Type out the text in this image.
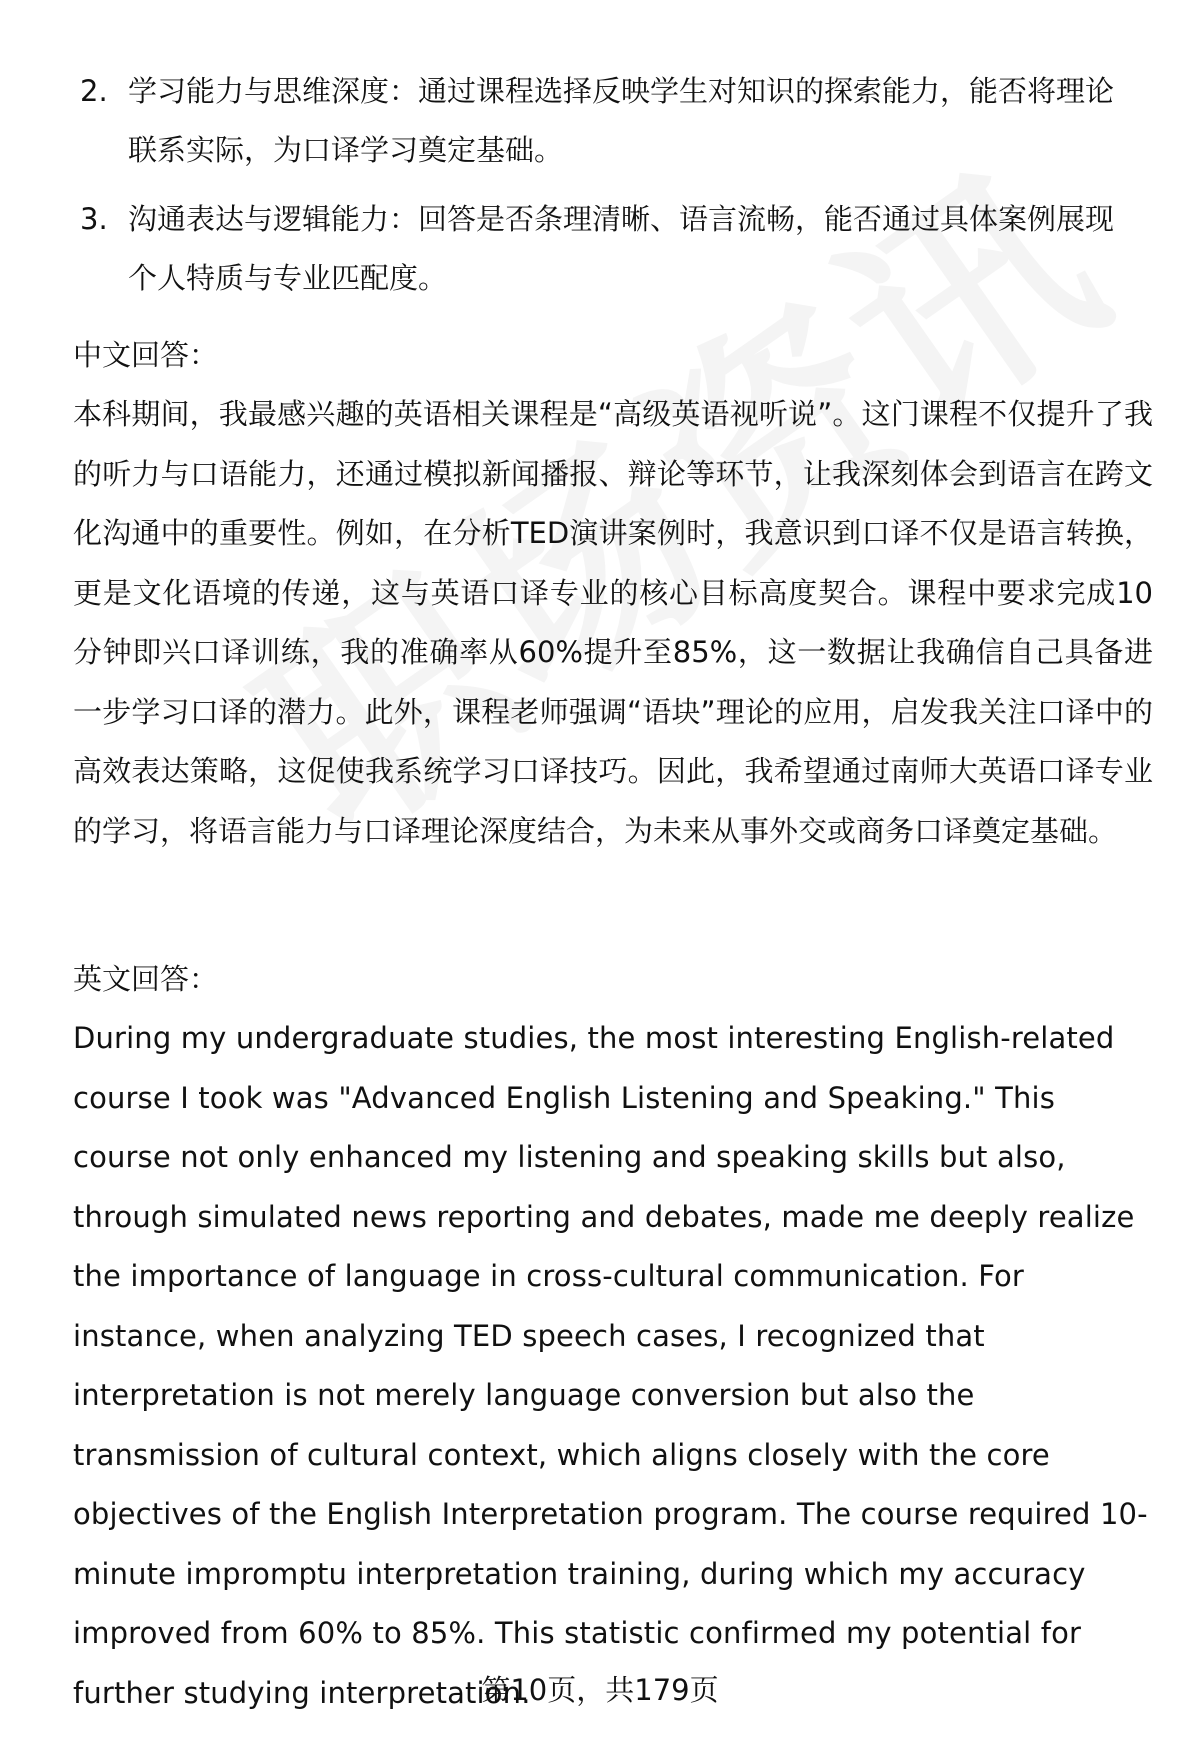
2. 学习能力与思维深度：通过课程选择反映学生对知识的探索能力，能否将理论联系实际，为口译学习奠定基础。
3. 沟通表达与逻辑能力：回答是否条理清晰、语言流畅，能否通过具体案例展现个人特质与专业匹配度。
中文回答：
本科期间，我最感兴趣的英语相关课程是“高级英语视听说”。这门课程不仅提升了我的听力与口语能力，还通过模拟新闻播报、辩论等环节，让我深刻体会到语言在跨文化沟通中的重要性。例如，在分析TED演讲案例时，我意识到口译不仅是语言转换，更是文化语境的传递，这与英语口译专业的核心目标高度契合。课程中要求完成10分钟即兴口译训练，我的准确率从60%提升至85%，这一数据让我确信自己具备进一步学习口译的潜力。此外，课程老师强调“语块”理论的应用，启发我关注口译中的高效表达策略，这促使我系统学习口译技巧。因此，我希望通过南师大英语口译专业的学习，将语言能力与口译理论深度结合，为未来从事外交或商务口译奠定基础。
英文回答：
During my undergraduate studies, the most interesting English-related course I took was "Advanced English Listening and Speaking." This course not only enhanced my listening and speaking skills but also, through simulated news reporting and debates, made me deeply realize the importance of language in cross-cultural communication. For instance, when analyzing TED speech cases, I recognized that interpretation is not merely language conversion but also the transmission of cultural context, which aligns closely with the core objectives of the English Interpretation program. The course required 10-minute impromptu interpretation training, during which my accuracy improved from 60% to 85%. This statistic confirmed my potential for further studying interpretation.
第10页，共179页
